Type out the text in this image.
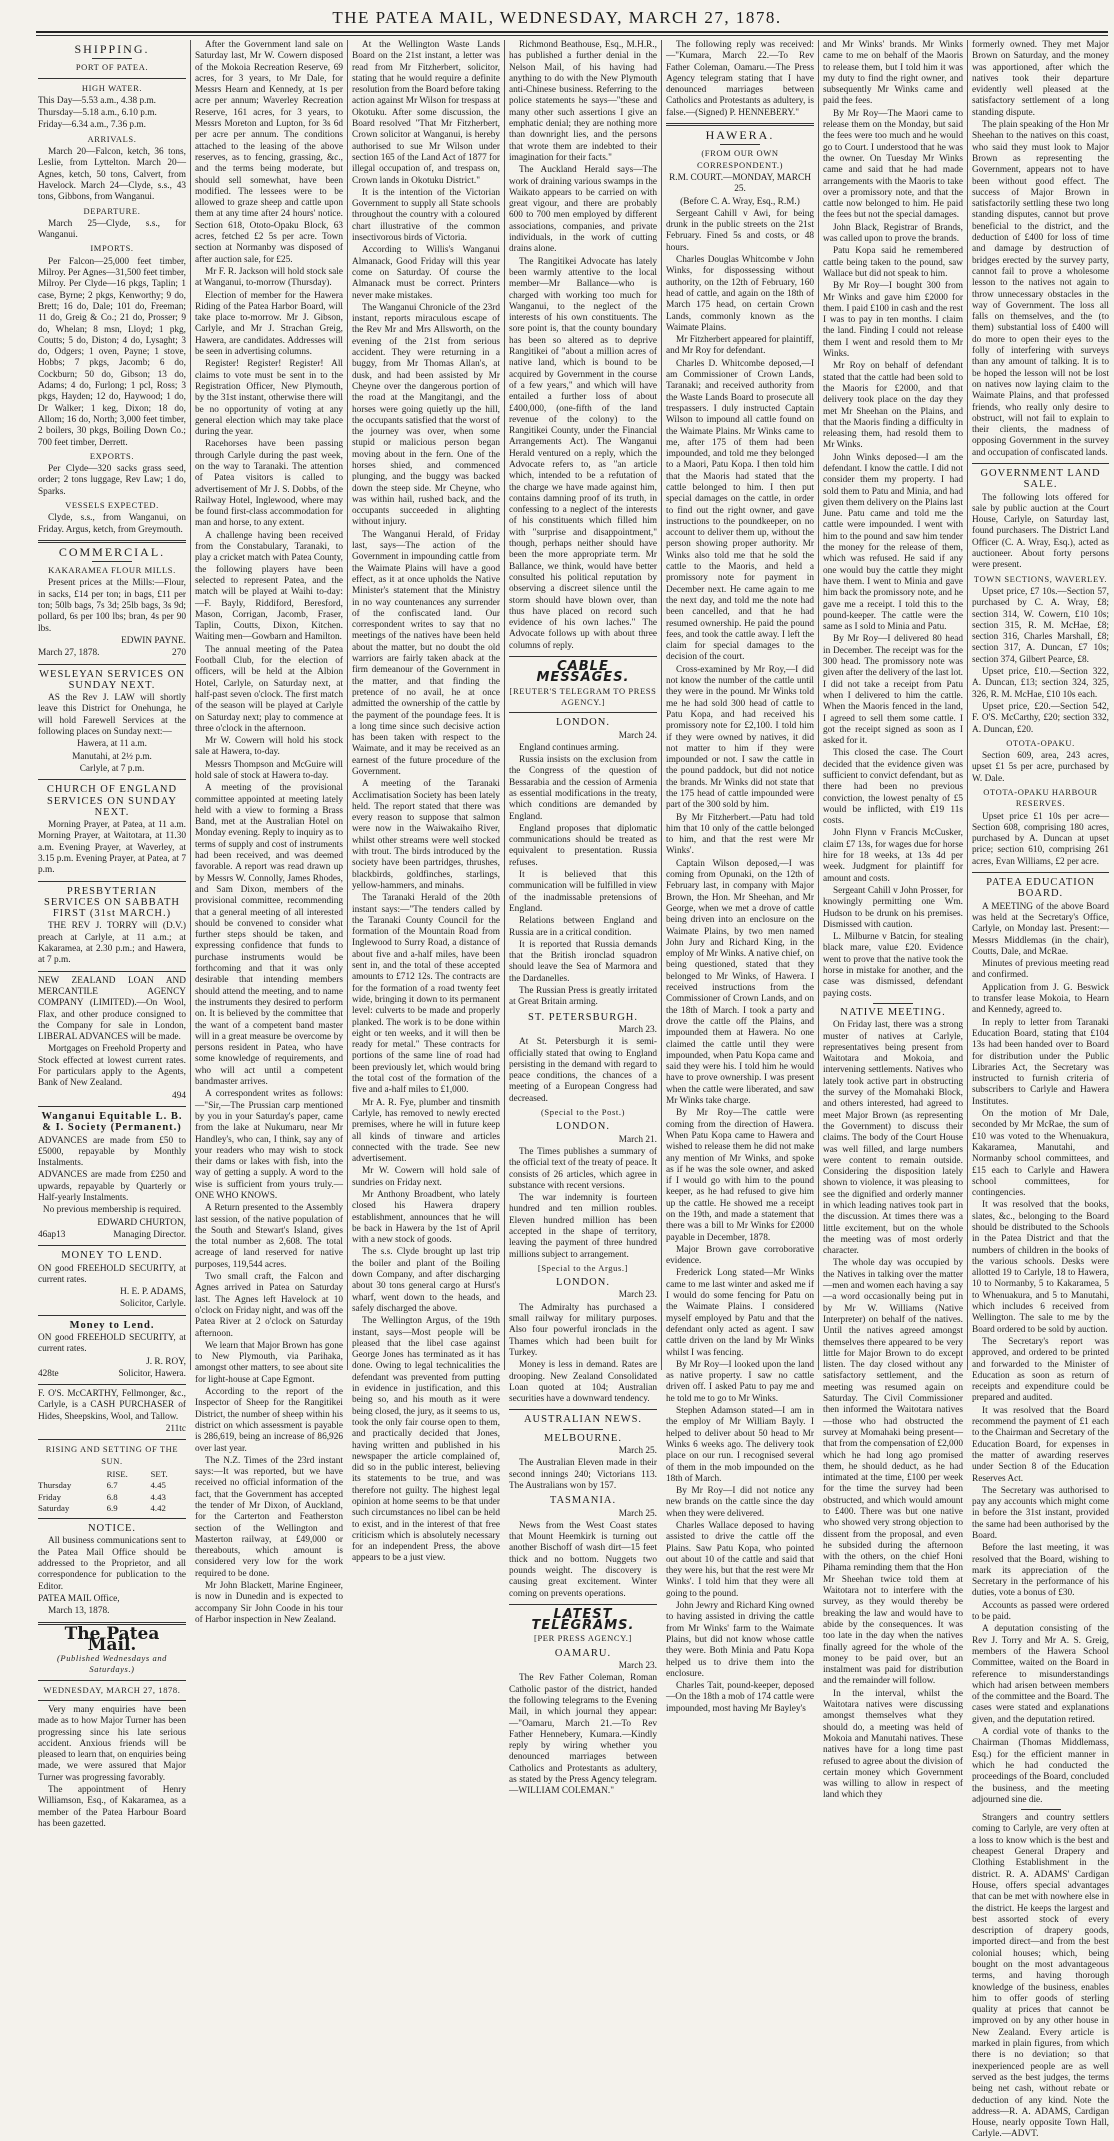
THE PATEA MAIL, WEDNESDAY, MARCH 27, 1878.
SHIPPING.
PORT OF PATEA.
HIGH WATER.

This Day—5.53 a.m., 4.38 p.m.

Thursday—5.18 a.m., 6.10 p.m.

Friday—6.34 a.m., 7.36 p.m.

ARRIVALS.

March 20—Falcon, ketch, 36 tons, Leslie, from Lyttelton. March 20—Agnes, ketch, 50 tons, Calvert, from Havelock. March 24—Clyde, s.s., 43 tons, Gibbons, from Wanganui.

DEPARTURE.

March 25—Clyde, s.s., for Wanganui.

IMPORTS.

Per Falcon—25,000 feet timber, Milroy. Per Agnes—31,500 feet timber, Milroy. Per Clyde—16 pkgs, Taplin; 1 case, Byrne; 2 pkgs, Kenworthy; 9 do, Brett; 16 do, Dale; 101 do, Freeman; 11 do, Greig & Co.; 21 do, Prosser; 9 do, Whelan; 8 msn, Lloyd; 1 pkg, Coutts; 5 do, Diston; 4 do, Lysaght; 3 do, Odgers; 1 oven, Payne; 1 stove, Hobbs; 7 pkgs, Jacomb; 6 do, Cockburn; 50 do, Gibson; 13 do, Adams; 4 do, Furlong; 1 pcl, Ross; 3 pkgs, Hayden; 12 do, Haywood; 1 do, Dr Walker; 1 keg, Dixon; 18 do, Allom; 16 do, North; 3,000 feet timber, 2 boilers, 30 pkgs, Boiling Down Co.; 700 feet timber, Derrett.

EXPORTS.

Per Clyde—320 sacks grass seed, order; 2 tons luggage, Rev Law; 1 do, Sparks.

VESSELS EXPECTED.

Clyde, s.s., from Wanganui, on Friday. Argus, ketch, from Greymouth.

COMMERCIAL.
KAKARAMEA FLOUR MILLS.

Present prices at the Mills:—Flour, in sacks, £14 per ton; in bags, £11 per ton; 50lb bags, 7s 3d; 25lb bags, 3s 9d; pollard, 6s per 100 lbs; bran, 4s per 90 lbs.

EDWIN PAYNE.

March 27, 1878.	270

WESLEYAN SERVICES ON SUNDAY NEXT.

AS the Rev J. LAW will shortly leave this District for Onehunga, he will hold Farewell Services at the following places on Sunday next:—

Hawera, at 11 a.m.

Manutahi, at 2½ p.m.

Carlyle, at 7 p.m.

CHURCH OF ENGLAND SERVICES ON SUNDAY NEXT.

Morning Prayer, at Patea, at 11 a.m. Morning Prayer, at Waitotara, at 11.30 a.m. Evening Prayer, at Waverley, at 3.15 p.m. Evening Prayer, at Patea, at 7 p.m.

PRESBYTERIAN SERVICES ON SABBATH FIRST (31st MARCH.)

THE REV J. TORRY will (D.V.) preach at Carlyle, at 11 a.m.; at Kakaramea, at 2.30 p.m.; and Hawera, at 7 p.m.

NEW ZEALAND LOAN AND MERCANTILE AGENCY COMPANY (LIMITED).—On Wool, Flax, and other produce consigned to the Company for sale in London, LIBERAL ADVANCES will be made.

Mortgages on Freehold Property and Stock effected at lowest current rates. For particulars apply to the Agents, Bank of New Zealand.

494

Wanganui Equitable L. B. & I. Society (Permanent.)

ADVANCES are made from £50 to £5000, repayable by Monthly Instalments.

ADVANCES are made from £250 and upwards, repayable by Quarterly or Half-yearly Instalments.

No previous membership is required.

EDWARD CHURTON,

46ap13	Managing Director.

MONEY TO LEND.

ON good FREEHOLD SECURITY, at current rates.

H. E. P. ADAMS,

Solicitor, Carlyle.

Money to Lend.

ON good FREEHOLD SECURITY, at current rates.

J. R. ROY,

428te	Solicitor, Hawera.

F. O'S. McCARTHY, Fellmonger, &c., Carlyle, is a CASH PURCHASER of Hides, Sheepskins, Wool, and Tallow.

211tc

RISING AND SETTING OF THE SUN.
	RISE.	SET.
Thursday	6.7	4.45
Friday	6.8	4.43
Saturday	6.9	4.42
NOTICE.

All business communications sent to the Patea Mail Office should be addressed to the Proprietor, and all correspondence for publication to the Editor.

PATEA MAIL Office,

March 13, 1878.

The Patea Mail.
(Published Wednesdays and Saturdays.)
WEDNESDAY, MARCH 27, 1878.

Very many enquiries have been made as to how Major Turner has been progressing since his late serious accident. Anxious friends will be pleased to learn that, on enquiries being made, we were assured that Major Turner was progressing favorably.

The appointment of Henry Williamson, Esq., of Kakaramea, as a member of the Patea Harbour Board has been gazetted.

After the Government land sale on Saturday last, Mr W. Cowern disposed of the Mokoia Recreation Reserve, 69 acres, for 3 years, to Mr Dale, for Messrs Hearn and Kennedy, at 1s per acre per annum; Waverley Recreation Reserve, 161 acres, for 3 years, to Messrs Moreton and Lupton, for 3s 6d per acre per annum. The conditions attached to the leasing of the above reserves, as to fencing, grassing, &c., and the terms being moderate, but should sell somewhat, have been modified. The lessees were to be allowed to graze sheep and cattle upon them at any time after 24 hours' notice. Section 618, Ototo-Opaku Block, 63 acres, fetched £2 5s per acre. Town section at Normanby was disposed of after auction sale, for £25.

Mr F. R. Jackson will hold stock sale at Wanganui, to-morrow (Thursday).

Election of member for the Hawera Riding of the Patea Harbor Board, will take place to-morrow. Mr J. Gibson, Carlyle, and Mr J. Strachan Greig, Hawera, are candidates. Addresses will be seen in advertising columns.

Register! Register! Register! All claims to vote must be sent in to the Registration Officer, New Plymouth, by the 31st instant, otherwise there will be no opportunity of voting at any general election which may take place during the year.

Racehorses have been passing through Carlyle during the past week, on the way to Taranaki. The attention of Patea visitors is called to advertisement of Mr J. S. Dobbs, of the Railway Hotel, Inglewood, where may be found first-class accommodation for man and horse, to any extent.

A challenge having been received from the Constabulary, Taranaki, to play a cricket match with Patea County, the following players have been selected to represent Patea, and the match will be played at Waihi to-day:—F. Bayly, Riddiford, Beresford, Mason, Corrigan, Jacomb, Fraser, Taplin, Coutts, Dixon, Kitchen. Waiting men—Gowbarn and Hamilton.

The annual meeting of the Patea Football Club, for the election of officers, will be held at the Albion Hotel, Carlyle, on Saturday next, at half-past seven o'clock. The first match of the season will be played at Carlyle on Saturday next; play to commence at three o'clock in the afternoon.

Mr W. Cowern will hold his stock sale at Hawera, to-day.

Messrs Thompson and McGuire will hold sale of stock at Hawera to-day.

A meeting of the provisional committee appointed at meeting lately held with a view to forming a Brass Band, met at the Australian Hotel on Monday evening. Reply to inquiry as to terms of supply and cost of instruments had been received, and was deemed favorable. A report was read drawn up by Messrs W. Connolly, James Rhodes, and Sam Dixon, members of the provisional committee, recommending that a general meeting of all interested should be convened to consider what further steps should be taken, and expressing confidence that funds to purchase instruments would be forthcoming and that it was only desirable that intending members should attend the meeting, and to name the instruments they desired to perform on. It is believed by the committee that the want of a competent band master will in a great measure be overcome by persons resident in Patea, who have some knowledge of requirements, and who will act until a competent bandmaster arrives.

A correspondent writes as follows:—"Sir,—The Prussian carp mentioned by you in your Saturday's paper, came from the lake at Nukumaru, near Mr Handley's, who can, I think, say any of your readers who may wish to stock their dams or lakes with fish, into the way of getting a supply. A word to the wise is sufficient from yours truly.—ONE WHO KNOWS.

A Return presented to the Assembly last session, of the native population of the South and Stewart's Island, gives the total number as 2,608. The total acreage of land reserved for native purposes, 119,544 acres.

Two small craft, the Falcon and Agnes arrived in Patea on Saturday last. The Agnes left Havelock at 10 o'clock on Friday night, and was off the Patea River at 2 o'clock on Saturday afternoon.

We learn that Major Brown has gone to New Plymouth, via Parihaka, amongst other matters, to see about site for light-house at Cape Egmont.

According to the report of the Inspector of Sheep for the Rangitikei District, the number of sheep within his district on which assessment is payable is 286,619, being an increase of 86,926 over last year.

The N.Z. Times of the 23rd instant says:—It was reported, but we have received no official information of the fact, that the Government has accepted the tender of Mr Dixon, of Auckland, for the Carterton and Featherston section of the Wellington and Masterton railway, at £49,000 or thereabouts, which amount is considered very low for the work required to be done.

Mr John Blackett, Marine Engineer, is now in Dunedin and is expected to accompany Sir John Coode in his tour of Harbor inspection in New Zealand.

At the Wellington Waste Lands Board on the 21st instant, a letter was read from Mr Fitzherbert, solicitor, stating that he would require a definite resolution from the Board before taking action against Mr Wilson for trespass at Okotuku. After some discussion, the Board resolved "That Mr Fitzherbert, Crown solicitor at Wanganui, is hereby authorised to sue Mr Wilson under section 165 of the Land Act of 1877 for illegal occupation of, and trespass on, Crown lands in Okotuku District."

It is the intention of the Victorian Government to supply all State schools throughout the country with a coloured chart illustrative of the common insectivorous birds of Victoria.

According to Willis's Wanganui Almanack, Good Friday will this year come on Saturday. Of course the Almanack must be correct. Printers never make mistakes.

The Wanganui Chronicle of the 23rd instant, reports miraculous escape of the Rev Mr and Mrs Allsworth, on the evening of the 21st from serious accident. They were returning in a buggy, from Mr Thomas Allan's, at dusk, and had been assisted by Mr Cheyne over the dangerous portion of the road at the Mangitangi, and the horses were going quietly up the hill, the occupants satisfied that the worst of the journey was over, when some stupid or malicious person began moving about in the fern. One of the horses shied, and commenced plunging, and the buggy was backed down the steep side. Mr Cheyne, who was within hail, rushed back, and the occupants succeeded in alighting without injury.

The Wanganui Herald, of Friday last, says—The action of the Government in impounding cattle from the Waimate Plains will have a good effect, as it at once upholds the Native Minister's statement that the Ministry in no way countenances any surrender of the confiscated land. Our correspondent writes to say that no meetings of the natives have been held about the matter, but no doubt the old warriors are fairly taken aback at the firm demeanour of the Government in the matter, and that finding the pretence of no avail, he at once admitted the ownership of the cattle by the payment of the poundage fees. It is a long time since such decisive action has been taken with respect to the Waimate, and it may be received as an earnest of the future procedure of the Government.

A meeting of the Taranaki Acclimatisation Society has been lately held. The report stated that there was every reason to suppose that salmon were now in the Waiwakaiho River, whilst other streams were well stocked with trout. The birds introduced by the society have been partridges, thrushes, blackbirds, goldfinches, starlings, yellow-hammers, and minahs.

The Taranaki Herald of the 20th instant says:—"The tenders called by the Taranaki County Council for the formation of the Mountain Road from Inglewood to Surry Road, a distance of about five and a-half miles, have been sent in, and the total of these accepted amounts to £712 12s. The contracts are for the formation of a road twenty feet wide, bringing it down to its permanent level: culverts to be made and properly planked. The work is to be done within eight or ten weeks, and it will then be ready for metal." These contracts for portions of the same line of road had been previously let, which would bring the total cost of the formation of the five and a-half miles to £1,000.

Mr A. R. Fye, plumber and tinsmith Carlyle, has removed to newly erected premises, where he will in future keep all kinds of tinware and articles connected with the trade. See new advertisement.

Mr W. Cowern will hold sale of sundries on Friday next.

Mr Anthony Broadbent, who lately closed his Hawera drapery establishment, announces that he will be back in Hawera by the 1st of April with a new stock of goods.

The s.s. Clyde brought up last trip the boiler and plant of the Boiling down Company, and after discharging about 30 tons general cargo at Hurst's wharf, went down to the heads, and safely discharged the above.

The Wellington Argus, of the 19th instant, says—Most people will be pleased that the libel case against George Jones has terminated as it has done. Owing to legal technicalities the defendant was prevented from putting in evidence in justification, and this being so, and his mouth as it were being closed, the jury, as it seems to us, took the only fair course open to them, and practically decided that Jones, having written and published in his newspaper the article complained of, did so in the public interest, believing its statements to be true, and was therefore not guilty. The highest legal opinion at home seems to be that under such circumstances no libel can be held to exist, and in the interest of that free criticism which is absolutely necessary for an independent Press, the above appears to be a just view.

Richmond Beathouse, Esq., M.H.R., has published a further denial in the Nelson Mail, of his having had anything to do with the New Plymouth anti-Chinese business. Referring to the police statements he says—"these and many other such assertions I give an emphatic denial; they are nothing more than downright lies, and the persons that wrote them are indebted to their imagination for their facts."

The Auckland Herald says—The work of draining various swamps in the Waikato appears to be carried on with great vigour, and there are probably 600 to 700 men employed by different associations, companies, and private individuals, in the work of cutting drains alone.

The Rangitikei Advocate has lately been warmly attentive to the local member—Mr Ballance—who is charged with working too much for Wanganui, to the neglect of the interests of his own constituents. The sore point is, that the county boundary has been so altered as to deprive Rangitikei of "about a million acres of native land, which is bound to be acquired by Government in the course of a few years," and which will have entailed a further loss of about £400,000, (one-fifth of the land revenue of the colony) to the Rangitikei County, under the Financial Arrangements Act). The Wanganui Herald ventured on a reply, which the Advocate refers to, as "an article which, intended to be a refutation of the charge we have made against him, contains damning proof of its truth, in confessing to a neglect of the interests of his constituents which filled him with "surprise and disappointment," though, perhaps neither should have been the more appropriate term. Mr Ballance, we think, would have better consulted his political reputation by observing a discreet silence until the storm should have blown over, than thus have placed on record such evidence of his own laches." The Advocate follows up with about three columns of reply.

CABLE MESSAGES.
[REUTER'S TELEGRAM TO PRESS AGENCY.]
LONDON.

March 24.

England continues arming.

Russia insists on the exclusion from the Congress of the question of Bessarabia and the cession of Armenia as essential modifications in the treaty, which conditions are demanded by England.

England proposes that diplomatic communications should be treated as equivalent to presentation. Russia refuses.

It is believed that this communication will be fulfilled in view of the inadmissable pretensions of England.

Relations between England and Russia are in a critical condition.

It is reported that Russia demands that the British ironclad squadron should leave the Sea of Marmora and the Dardanelles.

The Russian Press is greatly irritated at Great Britain arming.

ST. PETERSBURGH.

March 23.

At St. Petersburgh it is semi-officially stated that owing to England persisting in the demand with regard to peace conditions, the chances of a meeting of a European Congress had decreased.

(Special to the Post.)
LONDON.

March 21.

The Times publishes a summary of the official text of the treaty of peace. It consists of 26 articles, which agree in substance with recent versions.

The war indemnity is fourteen hundred and ten million roubles. Eleven hundred million has been accepted in the shape of territory, leaving the payment of three hundred millions subject to arrangement.

[Special to the Argus.]
LONDON.

March 23.

The Admiralty has purchased a small railway for military purposes. Also four powerful ironclads in the Thames which had been built for Turkey.

Money is less in demand. Rates are drooping. New Zealand Consolidated Loan quoted at 104; Australian securities have a downward tendency.

AUSTRALIAN NEWS.
MELBOURNE.

March 25.

The Australian Eleven made in their second innings 240; Victorians 113. The Australians won by 157.

TASMANIA.

March 25.

News from the West Coast states that Mount Heemkirk is turning out another Bischoff of wash dirt—15 feet thick and no bottom. Nuggets two pounds weight. The discovery is causing great excitement. Winter coming on prevents operations.

LATEST TELEGRAMS.
[PER PRESS AGENCY.]
OAMARU.

March 23.

The Rev Father Coleman, Roman Catholic pastor of the district, handed the following telegrams to the Evening Mail, in which journal they appear:—"Oamaru, March 21.—To Rev Father Hennebery, Kumara.—Kindly reply by wiring whether you denounced marriages between Catholics and Protestants as adultery, as stated by the Press Agency telegram.—WILLIAM COLEMAN."

The following reply was received:—"Kumara, March 22.—To Rev Father Coleman, Oamaru.—The Press Agency telegram stating that I have denounced marriages between Catholics and Protestants as adultery, is false.—(Signed) P. HENNEBERY."

HAWERA.
(FROM OUR OWN CORRESPONDENT.)

R.M. COURT.—MONDAY, MARCH 25.

(Before C. A. Wray, Esq., R.M.)

Sergeant Cahill v Awi, for being drunk in the public streets on the 21st February. Fined 5s and costs, or 48 hours.

Charles Douglas Whitcombe v John Winks, for dispossessing without authority, on the 12th of February, 160 head of cattle, and again on the 18th of March 175 head, on certain Crown Lands, commonly known as the Waimate Plains.

Mr Fitzherbert appeared for plaintiff, and Mr Roy for defendant.

Charles D. Whitcombe deposed,—I am Commissioner of Crown Lands, Taranaki; and received authority from the Waste Lands Board to prosecute all trespassers. I duly instructed Captain Wilson to impound all cattle found on the Waimate Plains. Mr Winks came to me, after 175 of them had been impounded, and told me they belonged to a Maori, Patu Kopa. I then told him that the Maoris had stated that the cattle belonged to him. I then put special damages on the cattle, in order to find out the right owner, and gave instructions to the poundkeeper, on no account to deliver them up, without the person showing proper authority. Mr Winks also told me that he sold the cattle to the Maoris, and held a promissory note for payment in December next. He came again to me the next day, and told me the note had been cancelled, and that he had resumed ownership. He paid the pound fees, and took the cattle away. I left the claim for special damages to the decision of the court.

Cross-examined by Mr Roy,—I did not know the number of the cattle until they were in the pound. Mr Winks told me he had sold 300 head of cattle to Patu Kopa, and had received his promissory note for £2,100. I told him if they were owned by natives, it did not matter to him if they were impounded or not. I saw the cattle in the pound paddock, but did not notice the brands. Mr Winks did not state that the 175 head of cattle impounded were part of the 300 sold by him.

By Mr Fitzherbert.—Patu had told him that 10 only of the cattle belonged to him, and that the rest were Mr Winks'.

Captain Wilson deposed,—I was coming from Opunaki, on the 12th of February last, in company with Major Brown, the Hon. Mr Sheehan, and Mr George, when we met a drove of cattle being driven into an enclosure on the Waimate Plains, by two men named John Jury and Richard King, in the employ of Mr Winks. A native chief, on being questioned, stated that they belonged to Mr Winks, of Hawera. I received instructions from the Commissioner of Crown Lands, and on the 18th of March. I took a party and drove the cattle off the Plains, and impounded them at Hawera. No one claimed the cattle until they were impounded, when Patu Kopa came and said they were his. I told him he would have to prove ownership. I was present when the cattle were liberated, and saw Mr Winks take charge.

By Mr Roy—The cattle were coming from the direction of Hawera. When Patu Kopa came to Hawera and wished to release them he did not make any mention of Mr Winks, and spoke as if he was the sole owner, and asked if I would go with him to the pound keeper, as he had refused to give him up the cattle. He showed me a receipt on the 19th, and made a statement that there was a bill to Mr Winks for £2000 payable in December, 1878.

Major Brown gave corroborative evidence.

Frederick Long stated—Mr Winks came to me last winter and asked me if I would do some fencing for Patu on the Waimate Plains. I considered myself employed by Patu and that the defendant only acted as agent. I saw cattle driven on the land by Mr Winks whilst I was fencing.

By Mr Roy—I looked upon the land as native property. I saw no cattle driven off. I asked Patu to pay me and he told me to go to Mr Winks.

Stephen Adamson stated—I am in the employ of Mr William Bayly. I helped to deliver about 50 head to Mr Winks 6 weeks ago. The delivery took place on our run. I recognised several of them in the mob impounded on the 18th of March.

By Mr Roy—I did not notice any new brands on the cattle since the day when they were delivered.

Charles Wallace deposed to having assisted to drive the cattle off the Plains. Saw Patu Kopa, who pointed out about 10 of the cattle and said that they were his, but that the rest were Mr Winks'. I told him that they were all going to the pound.

John Jewry and Richard King owned to having assisted in driving the cattle from Mr Winks' farm to the Waimate Plains, but did not know whose cattle they were. Both Minia and Patu Kopa helped us to drive them into the enclosure.

Charles Tait, pound-keeper, deposed—On the 18th a mob of 174 cattle were impounded, most having Mr Bayley's

and Mr Winks' brands. Mr Winks came to me on behalf of the Maoris to release them, but I told him it was my duty to find the right owner, and subsequently Mr Winks came and paid the fees.

By Mr Roy—The Maori came to release them on the Monday, but said the fees were too much and he would go to Court. I understood that he was the owner. On Tuesday Mr Winks came and said that he had made arrangements with the Maoris to take over a promissory note, and that the cattle now belonged to him. He paid the fees but not the special damages.

John Black, Registrar of Brands, was called upon to prove the brands.

Patu Kopa said he remembered cattle being taken to the pound, saw Wallace but did not speak to him.

By Mr Roy—I bought 300 from Mr Winks and gave him £2000 for them. I paid £100 in cash and the rest I was to pay in ten months. I claim the land. Finding I could not release them I went and resold them to Mr Winks.

Mr Roy on behalf of defendant stated that the cattle had been sold to the Maoris for £2000, and that delivery took place on the day they met Mr Sheehan on the Plains, and that the Maoris finding a difficulty in releasing them, had resold them to Mr Winks.

John Winks deposed—I am the defendant. I know the cattle. I did not consider them my property. I had sold them to Patu and Minia, and had given them delivery on the Plains last June. Patu came and told me the cattle were impounded. I went with him to the pound and saw him tender the money for the release of them, which was refused. He said if any one would buy the cattle they might have them. I went to Minia and gave him back the promissory note, and he gave me a receipt. I told this to the pound-keeper. The cattle were the same as I sold to Minia and Patu.

By Mr Roy—I delivered 80 head in December. The receipt was for the 300 head. The promissory note was given after the delivery of the last lot. I did not take a receipt from Patu when I delivered to him the cattle. When the Maoris fenced in the land, I agreed to sell them some cattle. I got the receipt signed as soon as I asked for it.

This closed the case. The Court decided that the evidence given was sufficient to convict defendant, but as there had been no previous conviction, the lowest penalty of £5 would be inflicted, with £19 11s costs.

John Flynn v Francis McCusker, claim £7 13s, for wages due for horse hire for 18 weeks, at 13s 4d per week. Judgment for plaintiff for amount and costs.

Sergeant Cahill v John Prosser, for knowingly permitting one Wm. Hudson to be drunk on his premises. Dismissed with caution.

L. Milburne v Batcin, for stealing black mare, value £20. Evidence went to prove that the native took the horse in mistake for another, and the case was dismissed, defendant paying costs.

NATIVE MEETING.

On Friday last, there was a strong muster of natives at Carlyle, representatives being present from Waitotara and Mokoia, and intervening settlements. Natives who lately took active part in obstructing the survey of the Momahaki Block, and others interested, had agreed to meet Major Brown (as representing the Government) to discuss their claims. The body of the Court House was well filled, and large numbers were content to remain outside. Considering the disposition lately shown to violence, it was pleasing to see the dignified and orderly manner in which leading natives took part in the discussion. At times there was a little excitement, but on the whole the meeting was of most orderly character.

The whole day was occupied by the Natives in talking over the matter—men and women each having a say—a word occasionally being put in by Mr W. Williams (Native Interpreter) on behalf of the natives. Until the natives agreed amongst themselves there appeared to be very little for Major Brown to do except listen. The day closed without any satisfactory settlement, and the meeting was resumed again on Saturday. The Civil Commissioner then informed the Waitotara natives—those who had obstructed the survey at Momahaki being present—that from the compensation of £2,000 which he had long ago promised them, he should deduct, as he had intimated at the time, £100 per week for the time the survey had been obstructed, and which would amount to £400. There was but one native who showed very strong objection to dissent from the proposal, and even he subsided during the afternoon with the others, on the chief Honi Pihama reminding them that the Hon Mr Sheehan twice told them at Waitotara not to interfere with the survey, as they would thereby be breaking the law and would have to abide by the consequences. It was too late in the day when the natives finally agreed for the whole of the money to be paid over, but an instalment was paid for distribution and the remainder will follow.

In the interval, whilst the Waitotara natives were discussing amongst themselves what they should do, a meeting was held of Mokoia and Manutahi natives. These natives have for a long time past refused to agree about the division of certain money which Government was willing to allow in respect of land which they

formerly owned. They met Major Brown on Saturday, and the money was apportioned, after which the natives took their departure evidently well pleased at the satisfactory settlement of a long standing dispute.

The plain speaking of the Hon Mr Sheehan to the natives on this coast, who said they must look to Major Brown as representing the Government, appears not to have been without good effect. The success of Major Brown in satisfactorily settling these two long standing disputes, cannot but prove beneficial to the district, and the deduction of £400 for loss of time and damage by destruction of bridges erected by the survey party, cannot fail to prove a wholesome lesson to the natives not again to throw unnecessary obstacles in the way of Government. The loss all falls on themselves, and the (to them) substantial loss of £400 will do more to open their eyes to the folly of interfering with surveys than any amount of talking. It is to be hoped the lesson will not be lost on natives now laying claim to the Waimate Plains, and that professed friends, who really only desire to obstruct, will not fail to explain to their clients, the madness of opposing Government in the survey and occupation of confiscated lands.

GOVERNMENT LAND SALE.

The following lots offered for sale by public auction at the Court House, Carlyle, on Saturday last, found purchasers. The District Land Officer (C. A. Wray, Esq.), acted as auctioneer. About forty persons were present.

TOWN SECTIONS, WAVERLEY.

Upset price, £7 10s.—Section 57, purchased by C. A. Wray, £8; section 314, W. Cowern, £10 10s; section 315, R. M. McHae, £8; section 316, Charles Marshall, £8; section 317, A. Duncan, £7 10s; section 374, Gilbert Pearce, £8.

Upset price, £10.—Section 322, A. Duncan, £13; section 324, 325, 326, R. M. McHae, £10 10s each.

Upset price, £20.—Section 542, F. O'S. McCarthy, £20; section 332, A. Duncan, £20.

OTOTA-OPAKU.

Section 609, area, 243 acres, upset £1 5s per acre, purchased by W. Dale.

OTOTA-OPAKU HARBOUR RESERVES.

Upset price £1 10s per acre—Section 608, comprising 180 acres, purchased by A. Duncan at upset price; section 610, comprising 261 acres, Evan Williams, £2 per acre.

PATEA EDUCATION BOARD.

A MEETING of the above Board was held at the Secretary's Office, Carlyle, on Monday last. Present:—Messrs Middlemas (in the chair), Coutts, Dale, and McRae.

Minutes of previous meeting read and confirmed.

Application from J. G. Beswick to transfer lease Mokoia, to Hearn and Kennedy, agreed to.

In reply to letter from Taranaki Education Board, stating that £104 13s had been handed over to Board for distribution under the Public Libraries Act, the Secretary was instructed to furnish criteria of subscribers to Carlyle and Hawera Institutes.

On the motion of Mr Dale, seconded by Mr McRae, the sum of £10 was voted to the Whenuakura, Kakaramea, Manutahi, and Normanby school committees, and £15 each to Carlyle and Hawera school committees, for contingencies.

It was resolved that the books, slates, &c., belonging to the Board should be distributed to the Schools in the Patea District and that the numbers of children in the books of the various schools. Desks were allotted 19 to Carlyle, 18 to Hawera, 10 to Normanby, 5 to Kakaramea, 5 to Whenuakura, and 5 to Manutahi, which includes 6 received from Wellington. The sale to me by the Board ordered to be sold by auction.

The Secretary's report was approved, and ordered to be printed and forwarded to the Minister of Education as soon as return of receipts and expenditure could be prepared and audited.

It was resolved that the Board recommend the payment of £1 each to the Chairman and Secretary of the Education Board, for expenses in the matter of awarding reserves under Section 8 of the Education Reserves Act.

The Secretary was authorised to pay any accounts which might come in before the 31st instant, provided the same had been authorised by the Board.

Before the last meeting, it was resolved that the Board, wishing to mark its appreciation of the Secretary in the performance of his duties, vote a bonus of £30.

Accounts as passed were ordered to be paid.

A deputation consisting of the Rev J. Torry and Mr A. S. Greig, members of the Hawera School Committee, waited on the Board in reference to misunderstandings which had arisen between members of the committee and the Board. The cases were stated and explanations given, and the deputation retired.

A cordial vote of thanks to the Chairman (Thomas Middlemass, Esq.) for the efficient manner in which he had conducted the proceedings of the Board, concluded the business, and the meeting adjourned sine die.

Strangers and country settlers coming to Carlyle, are very often at a loss to know which is the best and cheapest General Drapery and Clothing Establishment in the district. R. A. ADAMS' Cardigan House, offers special advantages that can be met with nowhere else in the district. He keeps the largest and best assorted stock of every description of drapery goods, imported direct—and from the best colonial houses; which, being bought on the most advantageous terms, and having thorough knowledge of the business, enables him to offer goods of sterling quality at prices that cannot be improved on by any other house in New Zealand. Every article is marked in plain figures, from which there is no deviation; so that inexperienced people are as well served as the best judges, the terms being net cash, without rebate or deduction of any kind. Note the address—R. A. ADAMS, Cardigan House, nearly opposite Town Hall, Carlyle.—ADVT.
